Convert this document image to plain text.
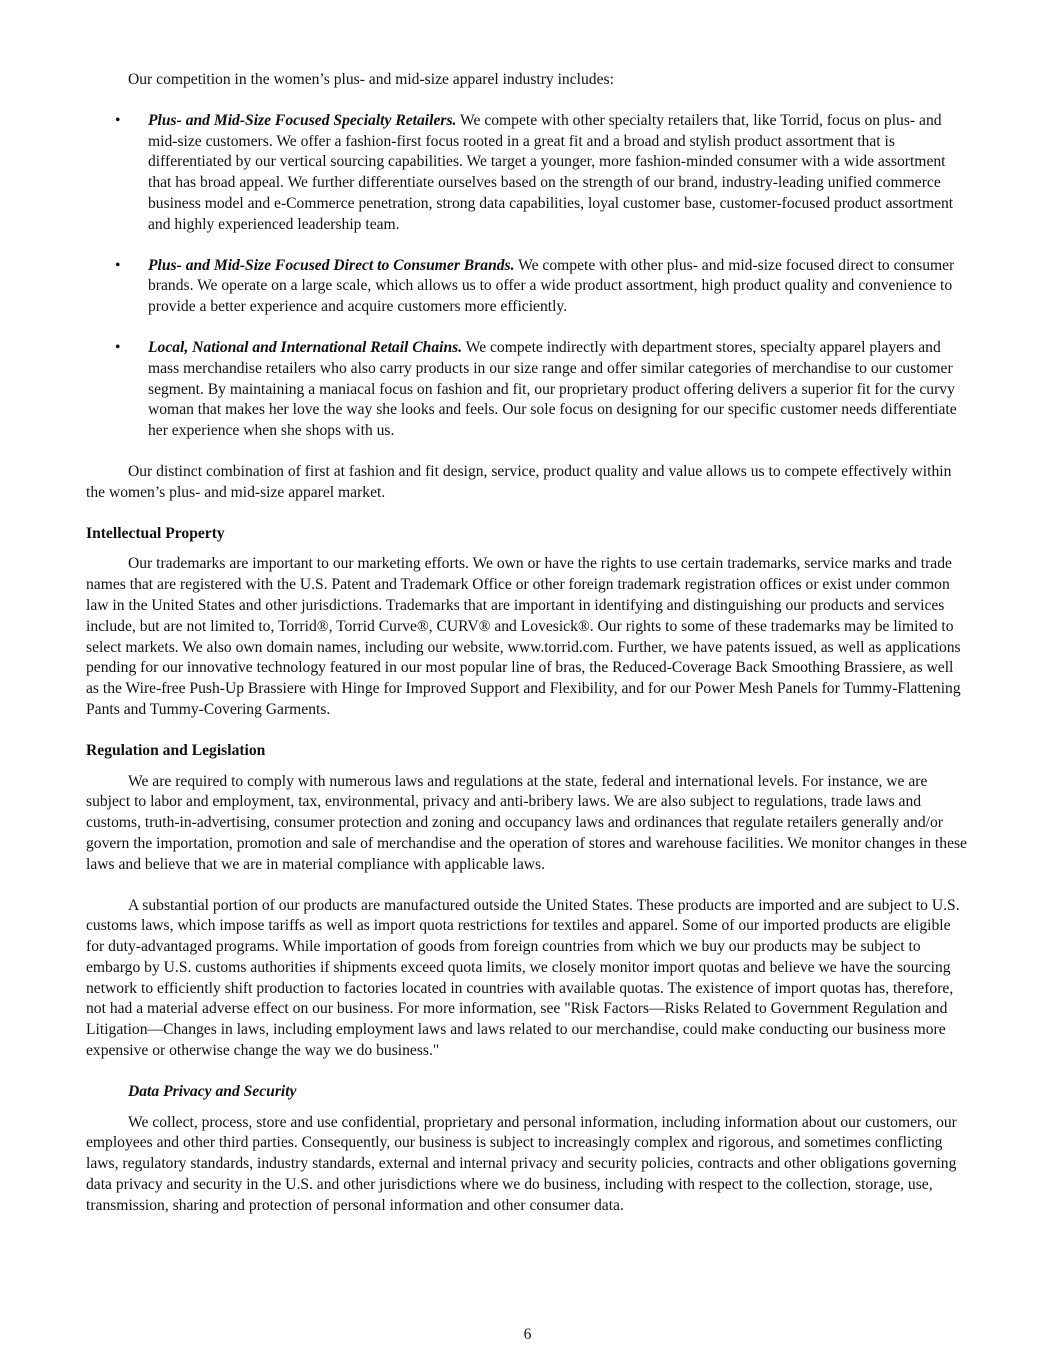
Our competition in the women’s plus- and mid-size apparel industry includes:

• Plus- and Mid-Size Focused Specialty Retailers. We compete with other specialty retailers that, like Torrid, focus on plus- and mid-size customers. We offer a fashion-first focus rooted in a great fit and a broad and stylish product assortment that is differentiated by our vertical sourcing capabilities. We target a younger, more fashion-minded consumer with a wide assortment that has broad appeal. We further differentiate ourselves based on the strength of our brand, industry-leading unified commerce business model and e-Commerce penetration, strong data capabilities, loyal customer base, customer-focused product assortment and highly experienced leadership team.
• Plus- and Mid-Size Focused Direct to Consumer Brands. We compete with other plus- and mid-size focused direct to consumer brands. We operate on a large scale, which allows us to offer a wide product assortment, high product quality and convenience to provide a better experience and acquire customers more efficiently.
• Local, National and International Retail Chains. We compete indirectly with department stores, specialty apparel players and mass merchandise retailers who also carry products in our size range and offer similar categories of merchandise to our customer segment. By maintaining a maniacal focus on fashion and fit, our proprietary product offering delivers a superior fit for the curvy woman that makes her love the way she looks and feels. Our sole focus on designing for our specific customer needs differentiate her experience when she shops with us.

Our distinct combination of first at fashion and fit design, service, product quality and value allows us to compete effectively within the women’s plus- and mid-size apparel market.

Intellectual Property

Our trademarks are important to our marketing efforts. We own or have the rights to use certain trademarks, service marks and trade names that are registered with the U.S. Patent and Trademark Office or other foreign trademark registration offices or exist under common law in the United States and other jurisdictions. Trademarks that are important in identifying and distinguishing our products and services include, but are not limited to, Torrid®, Torrid Curve®, CURV® and Lovesick®. Our rights to some of these trademarks may be limited to select markets. We also own domain names, including our website, www.torrid.com. Further, we have patents issued, as well as applications pending for our innovative technology featured in our most popular line of bras, the Reduced-Coverage Back Smoothing Brassiere, as well as the Wire-free Push-Up Brassiere with Hinge for Improved Support and Flexibility, and for our Power Mesh Panels for Tummy-Flattening Pants and Tummy-Covering Garments.

Regulation and Legislation

We are required to comply with numerous laws and regulations at the state, federal and international levels. For instance, we are subject to labor and employment, tax, environmental, privacy and anti-bribery laws. We are also subject to regulations, trade laws and customs, truth-in-advertising, consumer protection and zoning and occupancy laws and ordinances that regulate retailers generally and/or govern the importation, promotion and sale of merchandise and the operation of stores and warehouse facilities. We monitor changes in these laws and believe that we are in material compliance with applicable laws.

A substantial portion of our products are manufactured outside the United States. These products are imported and are subject to U.S. customs laws, which impose tariffs as well as import quota restrictions for textiles and apparel. Some of our imported products are eligible for duty-advantaged programs. While importation of goods from foreign countries from which we buy our products may be subject to embargo by U.S. customs authorities if shipments exceed quota limits, we closely monitor import quotas and believe we have the sourcing network to efficiently shift production to factories located in countries with available quotas. The existence of import quotas has, therefore, not had a material adverse effect on our business. For more information, see "Risk Factors—Risks Related to Government Regulation and Litigation—Changes in laws, including employment laws and laws related to our merchandise, could make conducting our business more expensive or otherwise change the way we do business."

Data Privacy and Security

We collect, process, store and use confidential, proprietary and personal information, including information about our customers, our employees and other third parties. Consequently, our business is subject to increasingly complex and rigorous, and sometimes conflicting laws, regulatory standards, industry standards, external and internal privacy and security policies, contracts and other obligations governing data privacy and security in the U.S. and other jurisdictions where we do business, including with respect to the collection, storage, use, transmission, sharing and protection of personal information and other consumer data.

6
